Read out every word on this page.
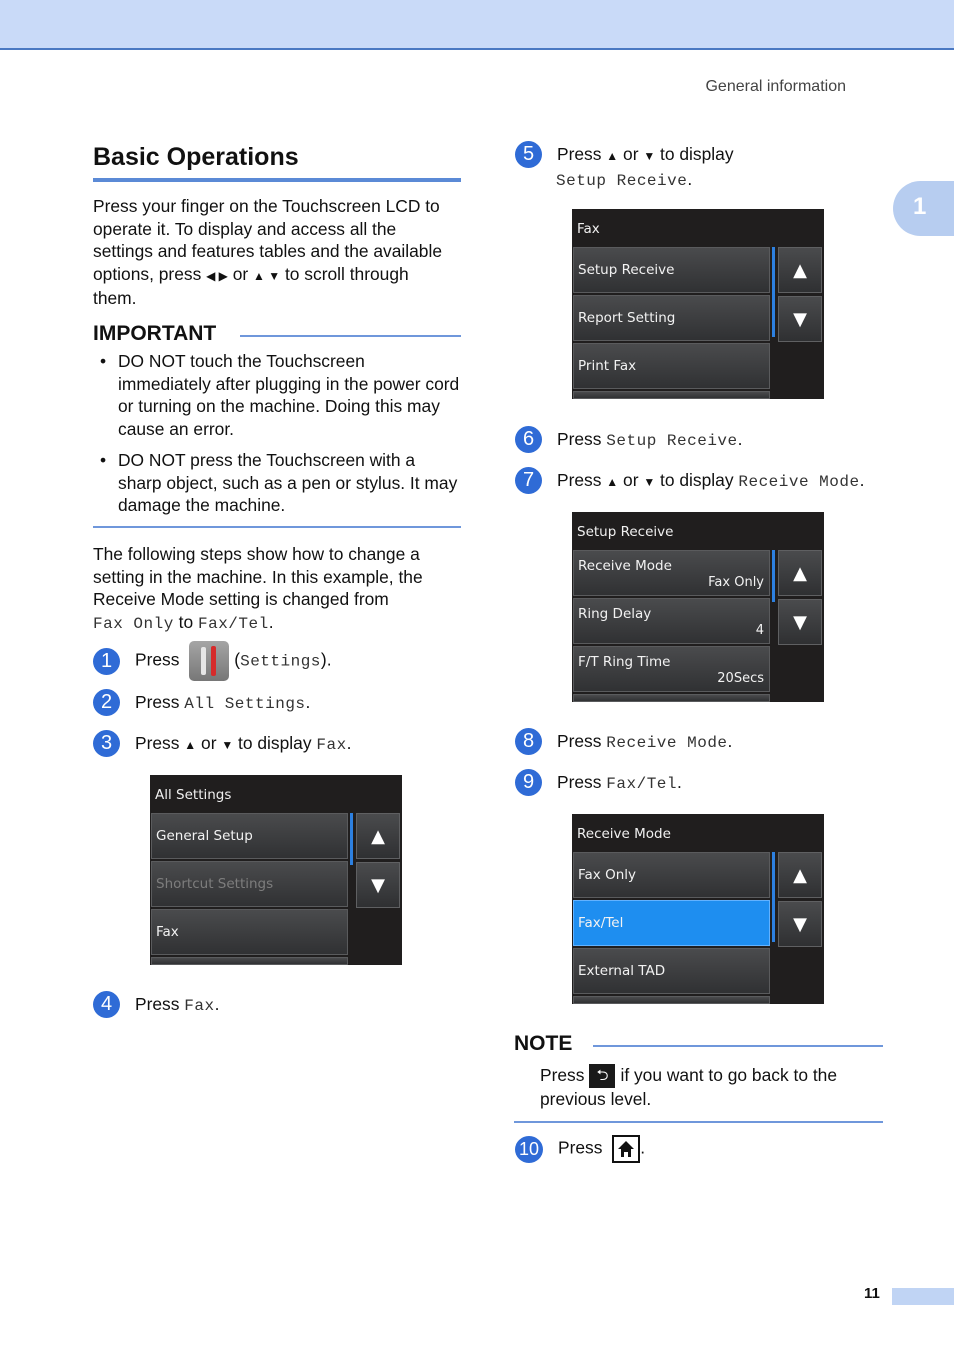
General information
1
Basic Operations
Press your finger on the Touchscreen LCD to
operate it. To display and access all the
settings and features tables and the available
options, press ◀ ▶ or ▲ ▼ to scroll through
them.
IMPORTANT
• DO NOT touch the Touchscreen immediately after plugging in the power cord or turning on the machine. Doing this may cause an error.
• DO NOT press the Touchscreen with a sharp object, such as a pen or stylus. It may damage the machine.
The following steps show how to change a
setting in the machine. In this example, the
Receive Mode setting is changed from
Fax Only to Fax/Tel.
1	Press	(Settings).
2	Press All Settings.
3	Press ▲ or ▼ to display Fax.
All Settings
General Setup
Shortcut Settings
Fax
▲
▼
4	Press Fax.
5	Press ▲ or ▼ to display
Setup Receive.
Fax
Setup Receive
Report Setting
Print Fax
▲
▼
6	Press Setup Receive.
7	Press ▲ or ▼ to display Receive Mode.
Setup Receive
Receive Mode
Fax Only
Ring Delay
4
F/T Ring Time
20Secs
▲
▼
8	Press Receive Mode.
9	Press Fax/Tel.
Receive Mode
Fax Only
Fax/Tel
External TAD
▲
▼
NOTE
Press ⮌ if you want to go back to the
previous level.
10 Press .
11
